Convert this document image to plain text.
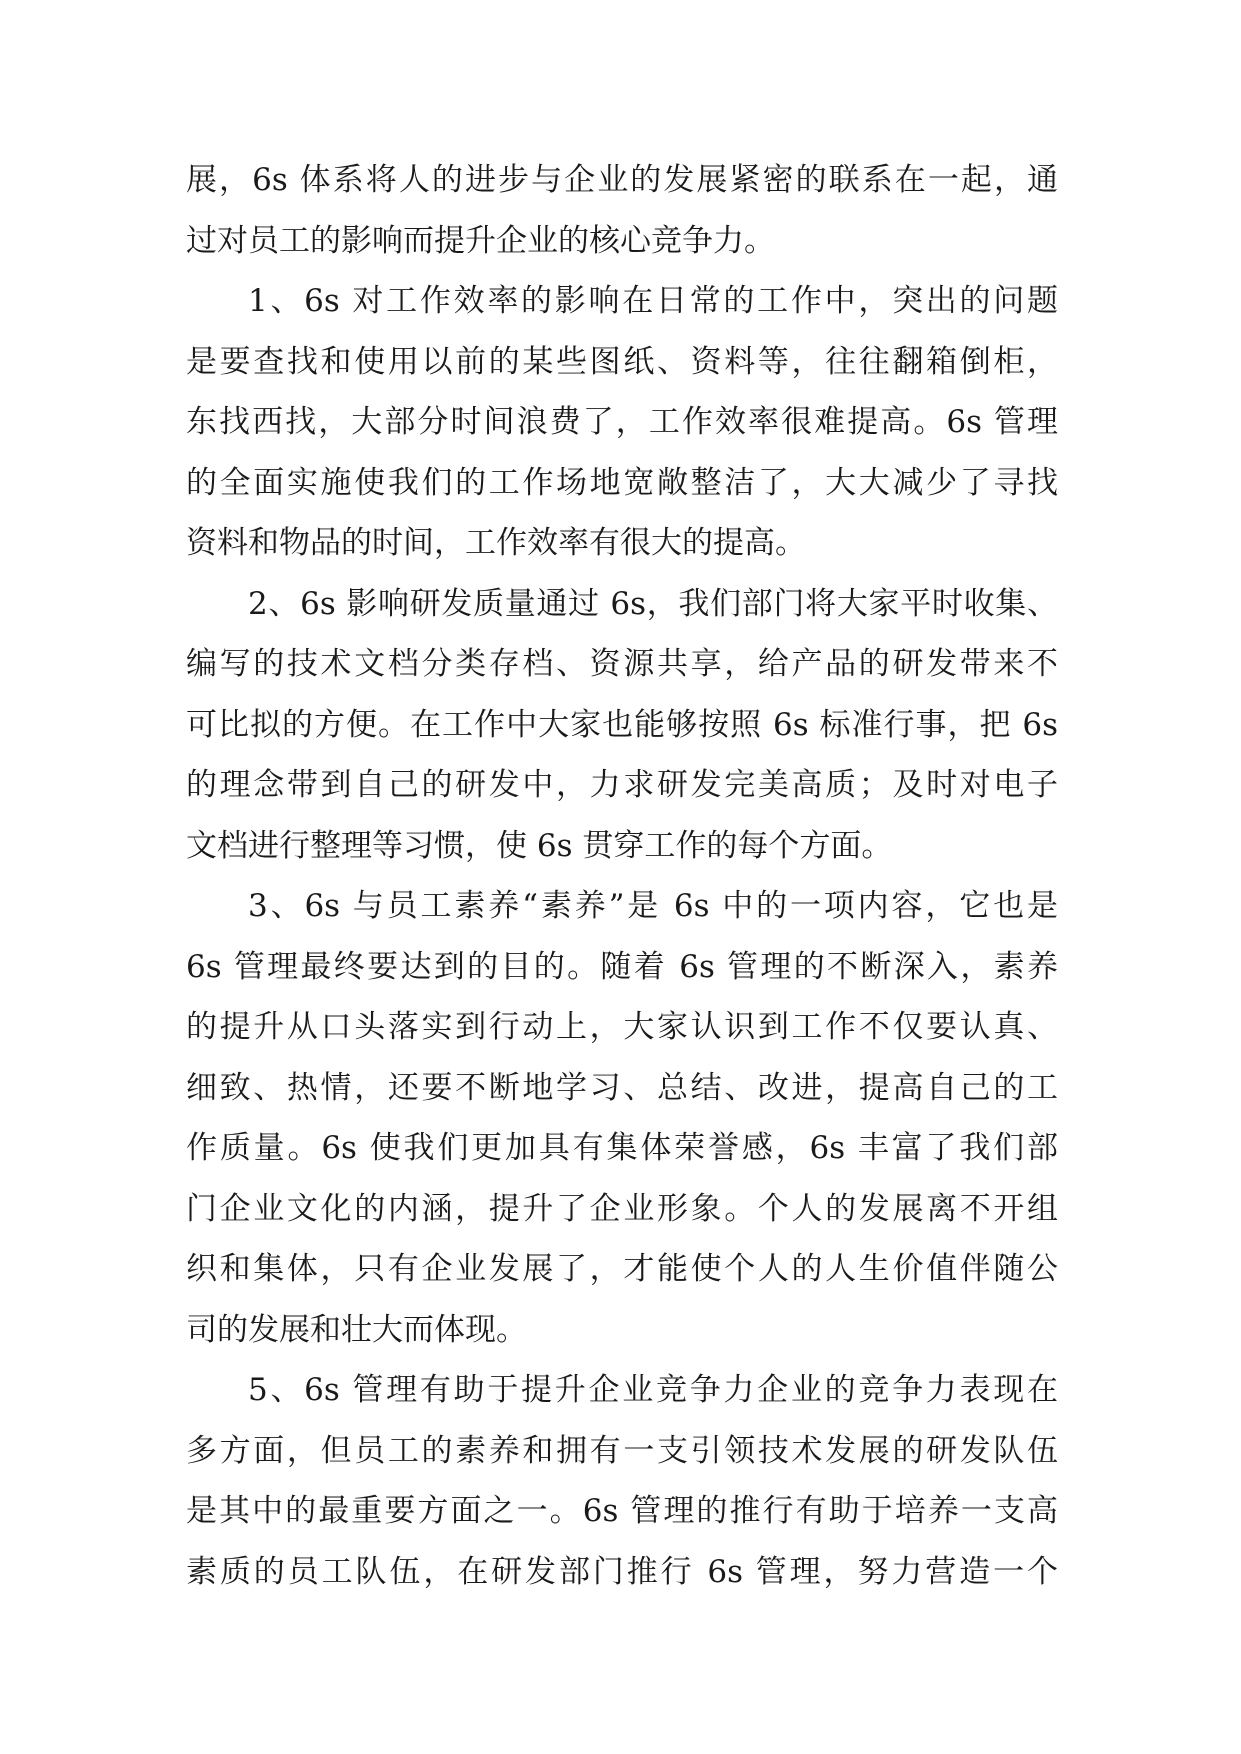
展，6s 体系将人的进步与企业的发展紧密的联系在一起，通
过对员工的影响而提升企业的核心竞争力。
1、6s 对工作效率的影响在日常的工作中，突出的问题
是要查找和使用以前的某些图纸、资料等，往往翻箱倒柜，
东找西找，大部分时间浪费了，工作效率很难提高。6s 管理
的全面实施使我们的工作场地宽敞整洁了，大大减少了寻找
资料和物品的时间，工作效率有很大的提高。
2、6s 影响研发质量通过 6s，我们部门将大家平时收集、
编写的技术文档分类存档、资源共享，给产品的研发带来不
可比拟的方便。在工作中大家也能够按照 6s 标准行事，把 6s
的理念带到自己的研发中，力求研发完美高质；及时对电子
文档进行整理等习惯，使 6s 贯穿工作的每个方面。
3、6s 与员工素养“素养”是 6s 中的一项内容，它也是
6s 管理最终要达到的目的。随着 6s 管理的不断深入，素养
的提升从口头落实到行动上，大家认识到工作不仅要认真、
细致、热情，还要不断地学习、总结、改进，提高自己的工
作质量。6s 使我们更加具有集体荣誉感，6s 丰富了我们部
门企业文化的内涵，提升了企业形象。个人的发展离不开组
织和集体，只有企业发展了，才能使个人的人生价值伴随公
司的发展和壮大而体现。
5、6s 管理有助于提升企业竞争力企业的竞争力表现在
多方面，但员工的素养和拥有一支引领技术发展的研发队伍
是其中的最重要方面之一。6s 管理的推行有助于培养一支高
素质的员工队伍，在研发部门推行 6s 管理，努力营造一个
